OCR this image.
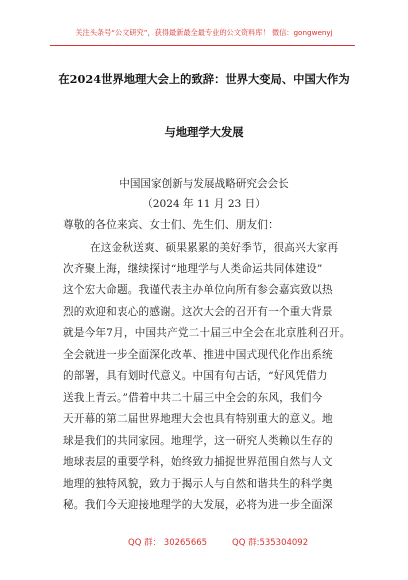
关注头条号“公文研究”，获得最新最全最专业的公文资料库！ 微信：gongwenyj
在2024世界地理大会上的致辞：世界大变局、中国大作为
与地理学大发展
中国国家创新与发展战略研究会会长
（2024 年 11 月 23 日）
尊敬的各位来宾、女士们、先生们、朋友们：
在这金秋送爽、硕果累累的美好季节，很高兴大家再
次齐聚上海，继续探讨“地理学与人类命运共同体建设”
这个宏大命题。我谨代表主办单位向所有参会嘉宾致以热
烈的欢迎和衷心的感谢。这次大会的召开有一个重大背景
就是今年7月，中国共产党二十届三中全会在北京胜利召开。
全会就进一步全面深化改革、推进中国式现代化作出系统
的部署，具有划时代意义。中国有句古话，“好风凭借力
送我上青云。”借着中共二十届三中全会的东风，我们今
天开幕的第二届世界地理大会也具有特别重大的意义。地
球是我们的共同家园。地理学，这一研究人类赖以生存的
地球表层的重要学科，始终致力捕捉世界范围自然与人文
地理的独特风貌，致力于揭示人与自然和谐共生的科学奥
秘。我们今天迎接地理学的大发展，必将为进一步全面深
QQ 群： 30265665	QQ 群:535304092
